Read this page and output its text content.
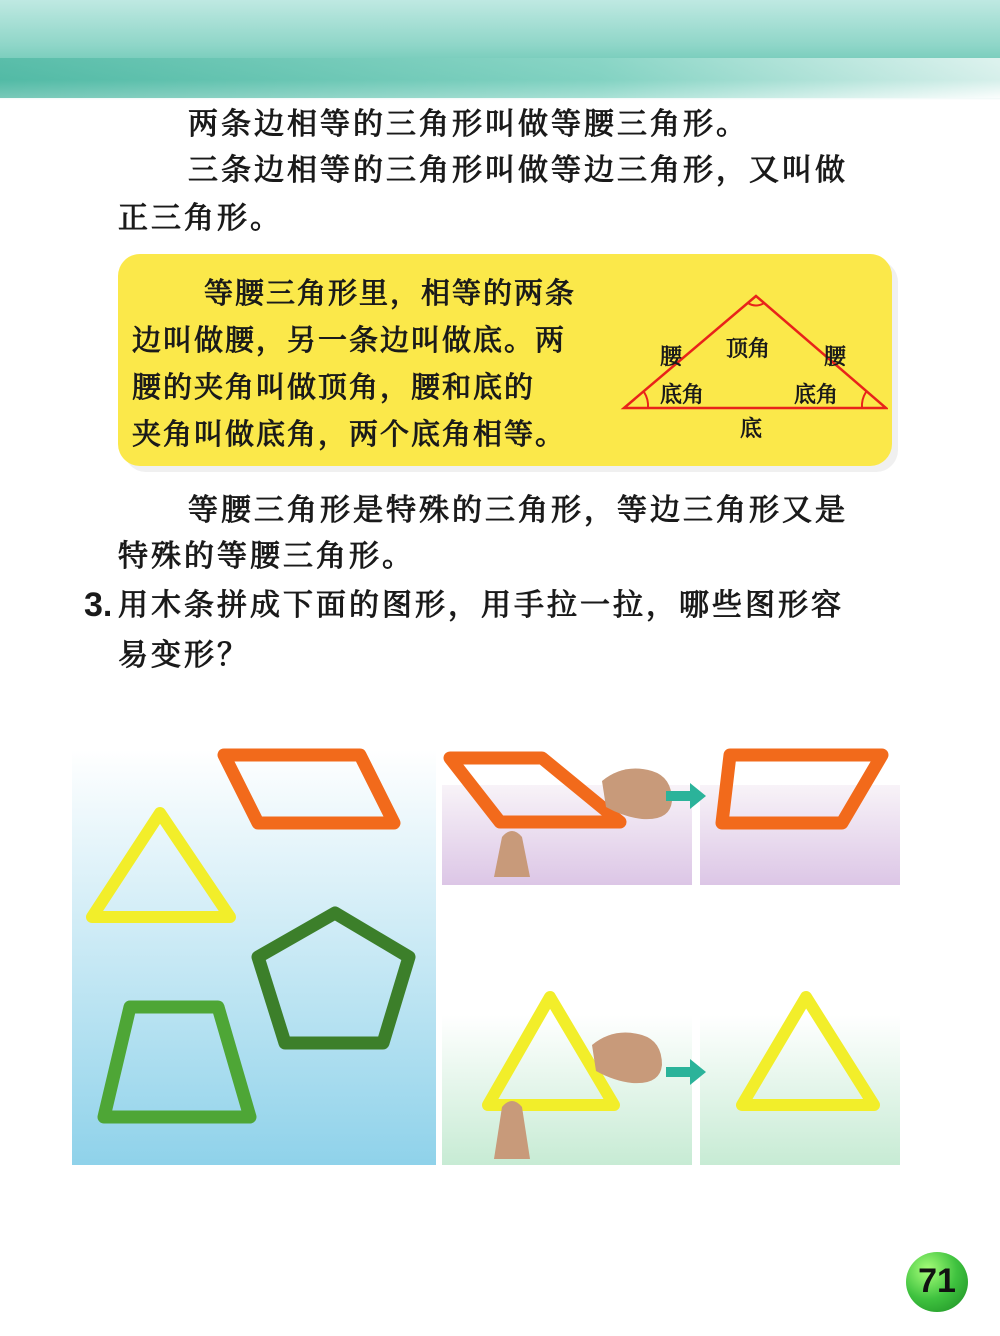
两条边相等的三角形叫做等腰三角形。

三条边相等的三角形叫做等边三角形，又叫做

正三角形。

等腰三角形里，相等的两条
边叫做腰，另一条边叫做底。两
腰的夹角叫做顶角，腰和底的
夹角叫做底角，两个底角相等。
腰 顶角 腰
底角	底角
底

等腰三角形是特殊的三角形，等边三角形又是

特殊的等腰三角形。

3. 用木条拼成下面的图形，用手拉一拉，哪些图形容
易变形？
71
